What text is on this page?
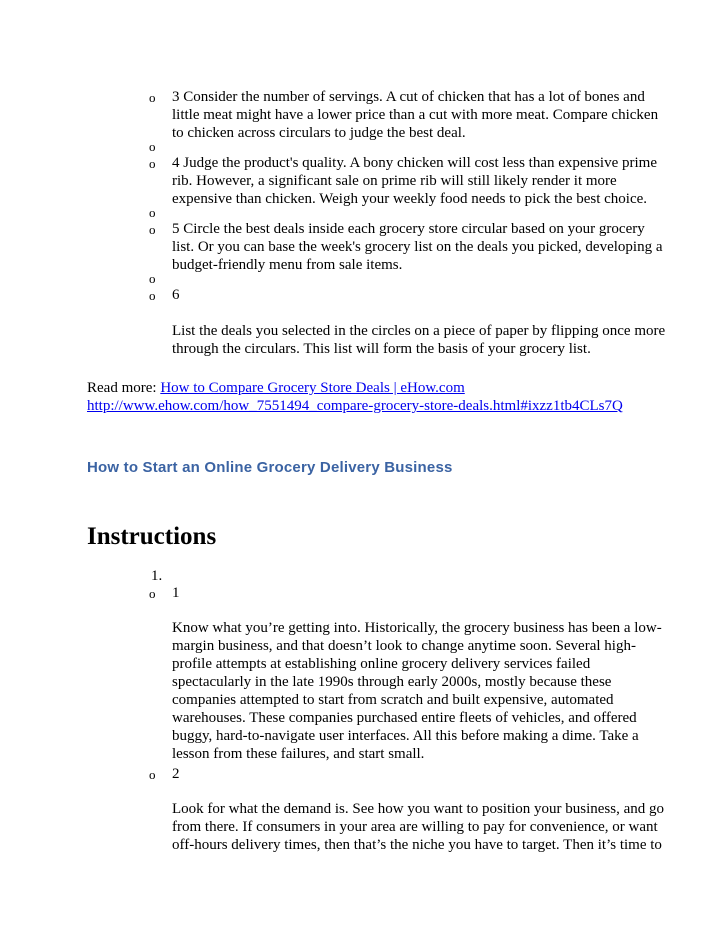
o	3 Consider the number of servings. A cut of chicken that has a lot of bones and
little meat might have a lower price than a cut with more meat. Compare chicken
to chicken across circulars to judge the best deal.
o
o	4 Judge the product's quality. A bony chicken will cost less than expensive prime
rib. However, a significant sale on prime rib will still likely render it more
expensive than chicken. Weigh your weekly food needs to pick the best choice.
o
o	5 Circle the best deals inside each grocery store circular based on your grocery
list. Or you can base the week's grocery list on the deals you picked, developing a
budget-friendly menu from sale items.
o
o	6
List the deals you selected in the circles on a piece of paper by flipping once more
through the circulars. This list will form the basis of your grocery list.
Read more: How to Compare Grocery Store Deals | eHow.com
http://www.ehow.com/how_7551494_compare-grocery-store-deals.html#ixzz1tb4CLs7Q
How to Start an Online Grocery Delivery Business
Instructions
1.
o	1
Know what you’re getting into. Historically, the grocery business has been a low-
margin business, and that doesn’t look to change anytime soon. Several high-
profile attempts at establishing online grocery delivery services failed
spectacularly in the late 1990s through early 2000s, mostly because these
companies attempted to start from scratch and built expensive, automated
warehouses. These companies purchased entire fleets of vehicles, and offered
buggy, hard-to-navigate user interfaces. All this before making a dime. Take a
lesson from these failures, and start small.
o	2
Look for what the demand is. See how you want to position your business, and go
from there. If consumers in your area are willing to pay for convenience, or want
off-hours delivery times, then that’s the niche you have to target. Then it’s time to
